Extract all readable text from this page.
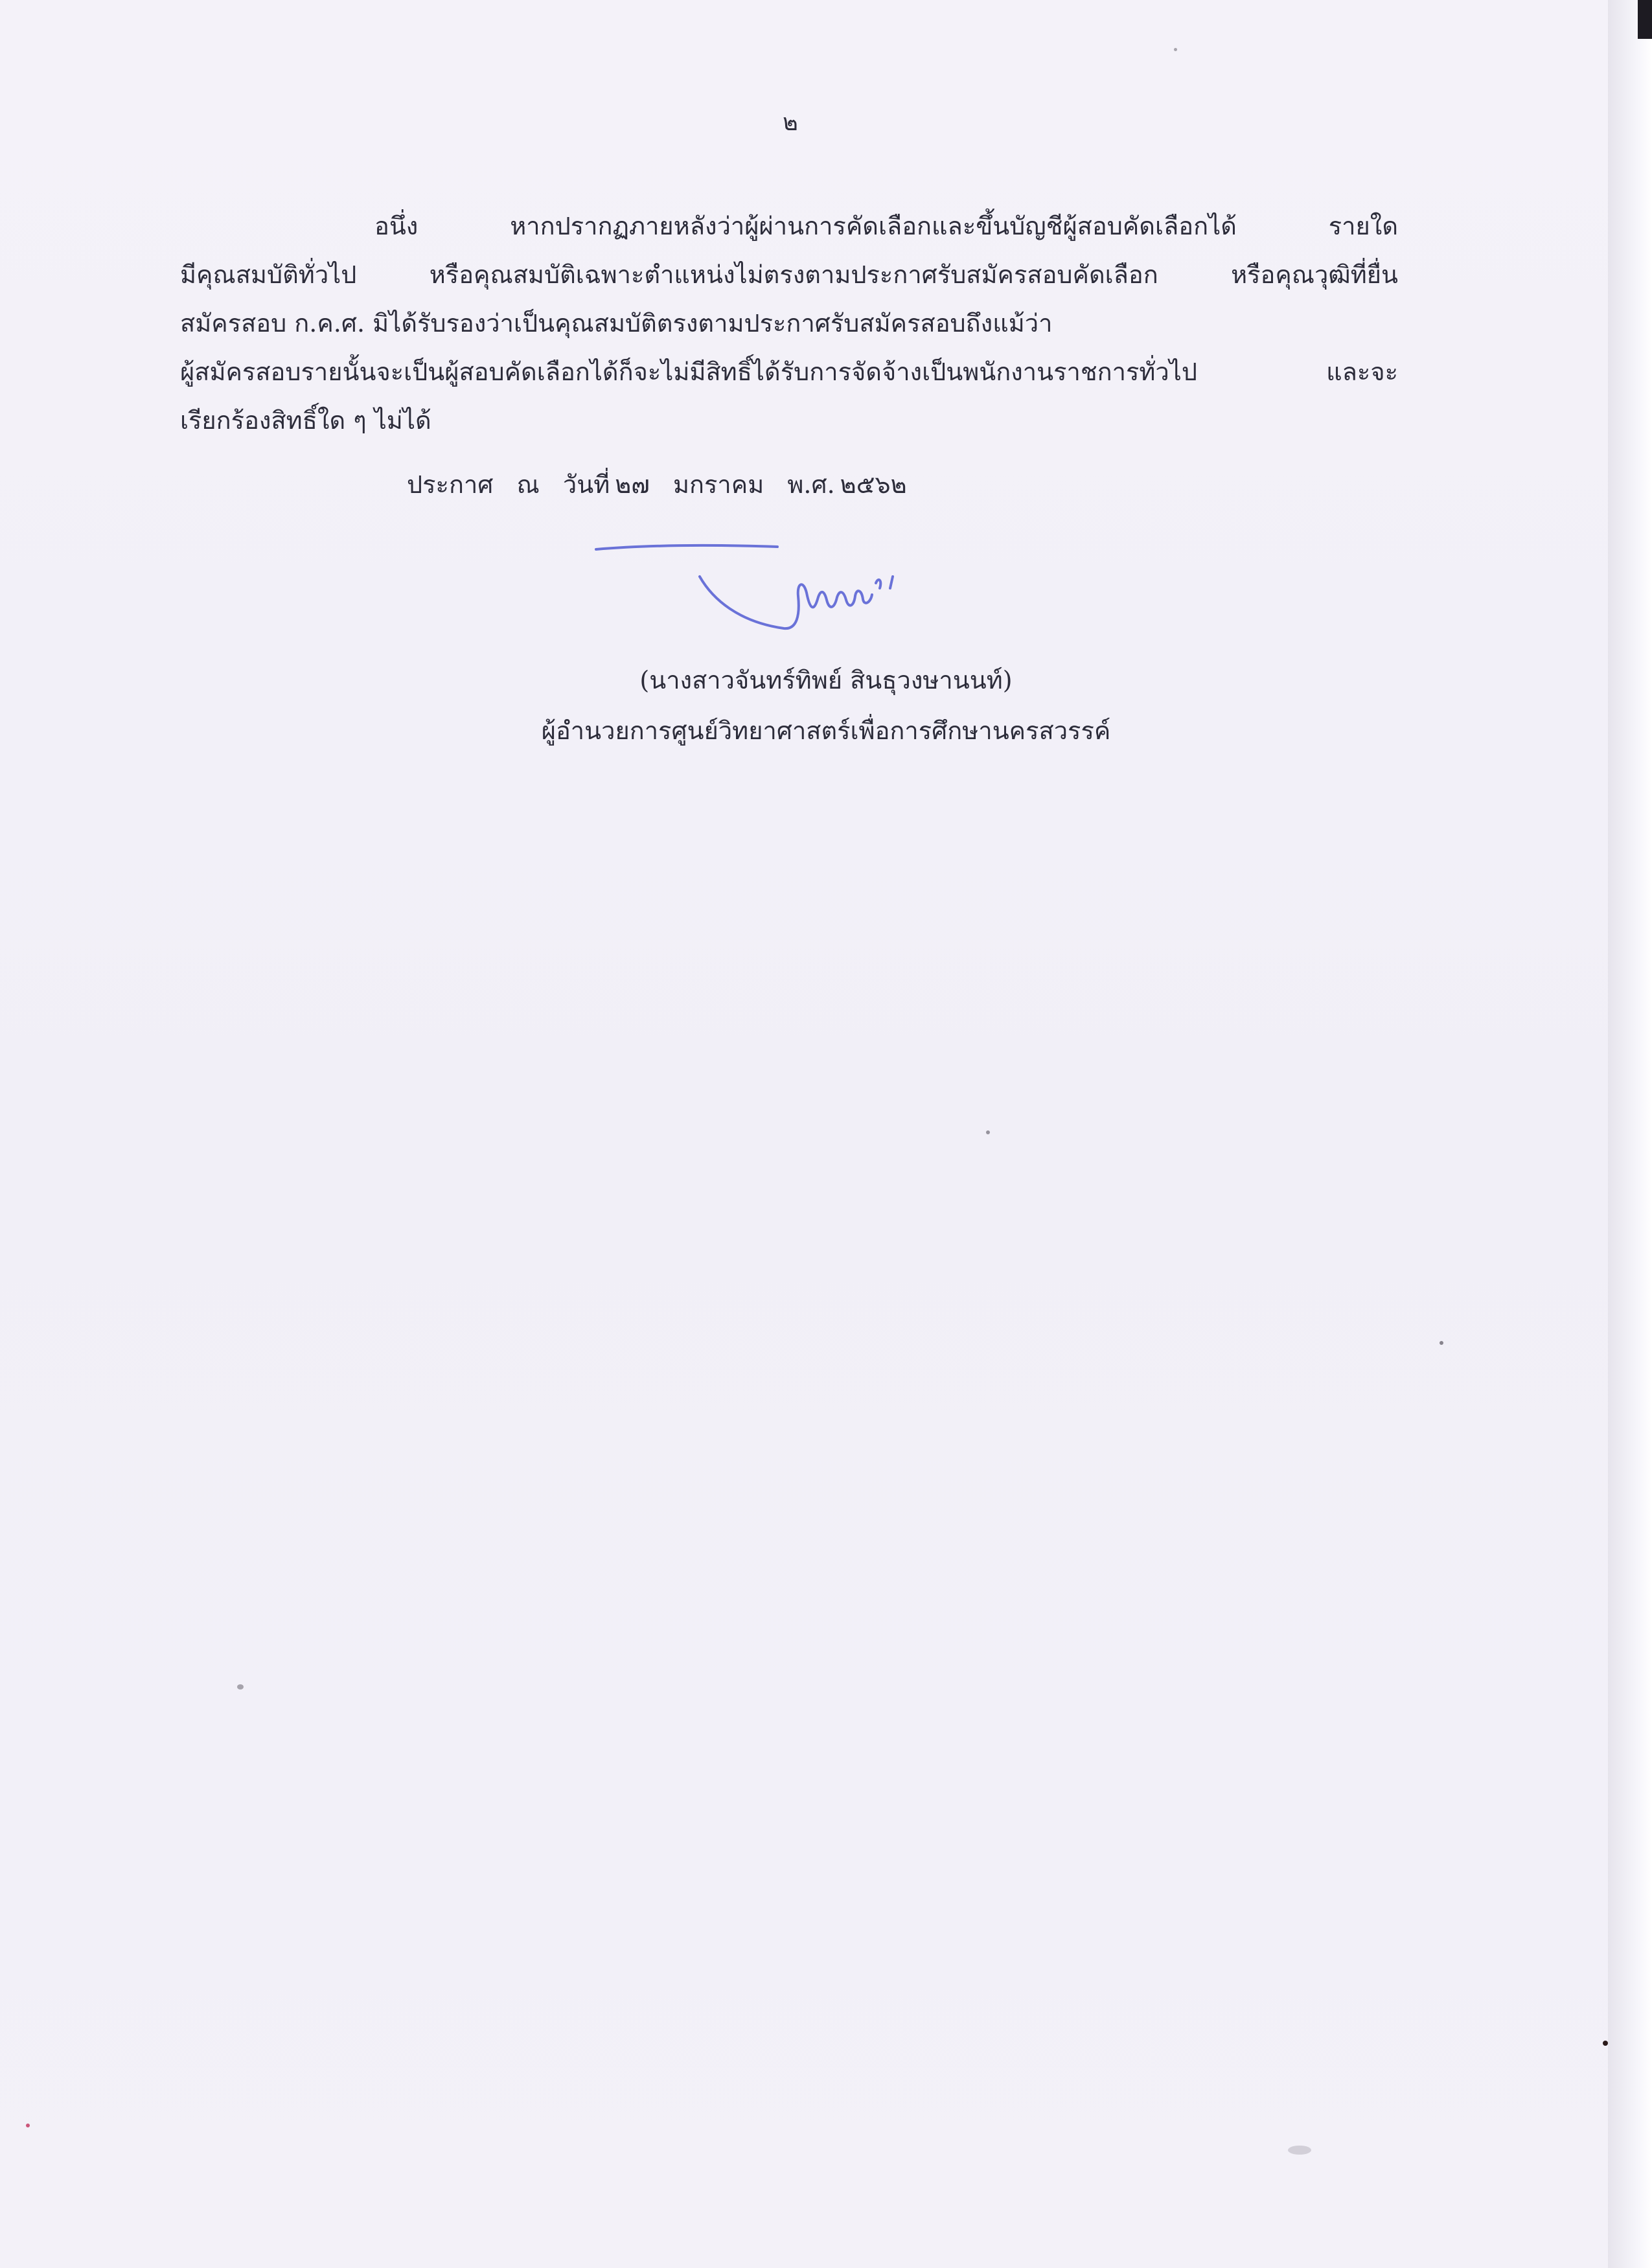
๒

อนึ่ง หากปรากฏภายหลังว่าผู้ผ่านการคัดเลือกและขึ้นบัญชีผู้สอบคัดเลือกได้ รายใด

มีคุณสมบัติทั่วไป หรือคุณสมบัติเฉพาะตำแหน่งไม่ตรงตามประกาศรับสมัครสอบคัดเลือก หรือคุณวุฒิที่ยื่น

สมัครสอบ ก.ค.ศ. มิได้รับรองว่าเป็นคุณสมบัติตรงตามประกาศรับสมัครสอบถึงแม้ว่า

ผู้สมัครสอบรายนั้นจะเป็นผู้สอบคัดเลือกได้ก็จะไม่มีสิทธิ์ได้รับการจัดจ้างเป็นพนักงานราชการทั่วไป และจะ

เรียกร้องสิทธิ์ใด ๆ ไม่ได้

ประกาศ ณ วันที่ ๒๗ มกราคม พ.ศ. ๒๕๖๒
(นางสาวจันทร์ทิพย์ สินธุวงษานนท์)
ผู้อำนวยการศูนย์วิทยาศาสตร์เพื่อการศึกษานครสวรรค์
